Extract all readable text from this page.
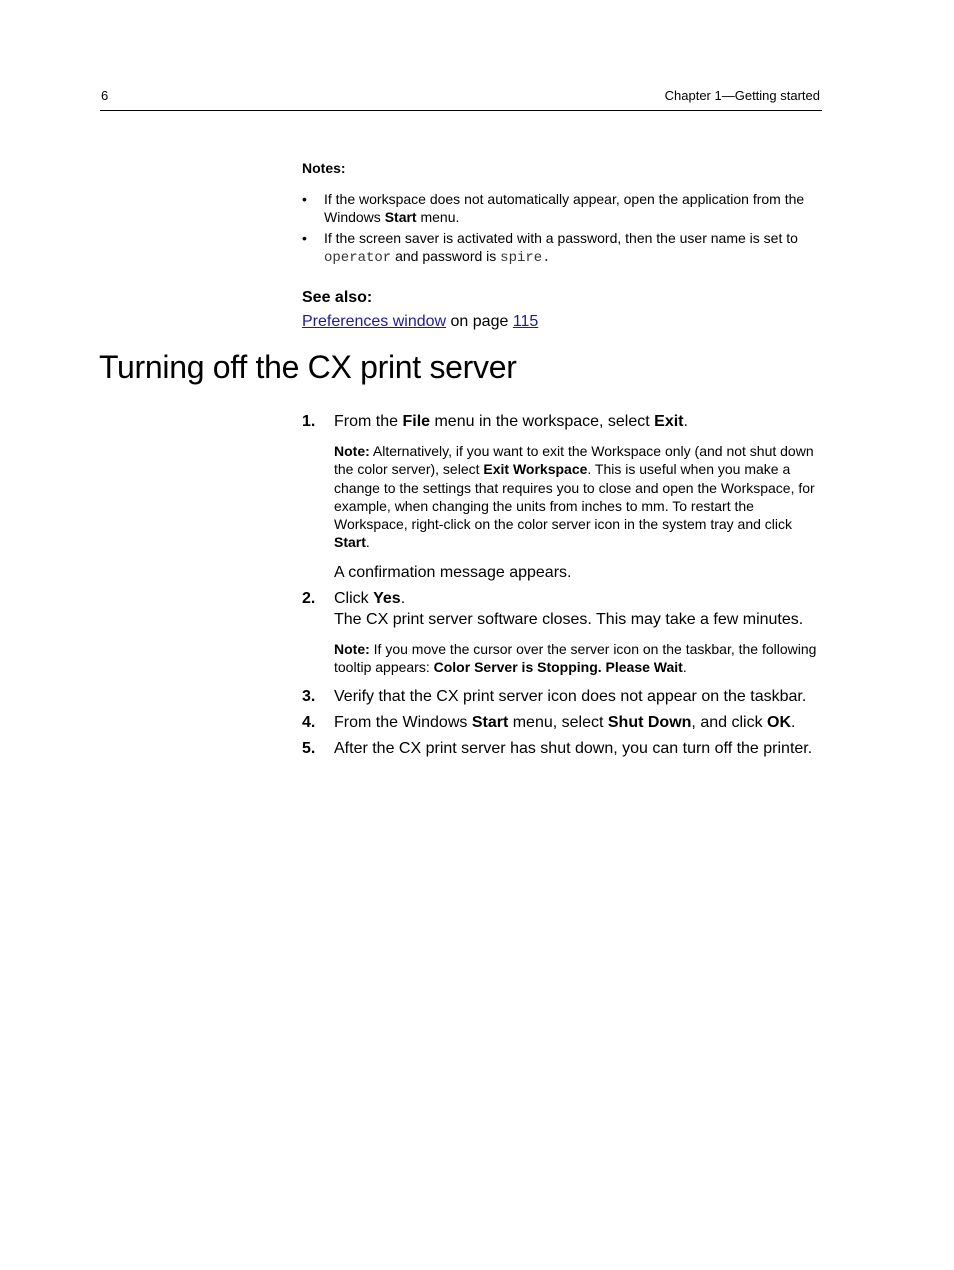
6	Chapter 1—Getting started
Notes:
• If the workspace does not automatically appear, open the application from the Windows Start menu.
• If the screen saver is activated with a password, then the user name is set to operator and password is spire.
See also:
Preferences window on page 115
Turning off the CX print server
1. From the File menu in the workspace, select Exit.

Note: Alternatively, if you want to exit the Workspace only (and not shut down the color server), select Exit Workspace. This is useful when you make a change to the settings that requires you to close and open the Workspace, for example, when changing the units from inches to mm. To restart the Workspace, right-click on the color server icon in the system tray and click Start.

A confirmation message appears.

2. Click Yes.

The CX print server software closes. This may take a few minutes.

Note: If you move the cursor over the server icon on the taskbar, the following tooltip appears: Color Server is Stopping. Please Wait.

3. Verify that the CX print server icon does not appear on the taskbar.

4. From the Windows Start menu, select Shut Down, and click OK.

5. After the CX print server has shut down, you can turn off the printer.
